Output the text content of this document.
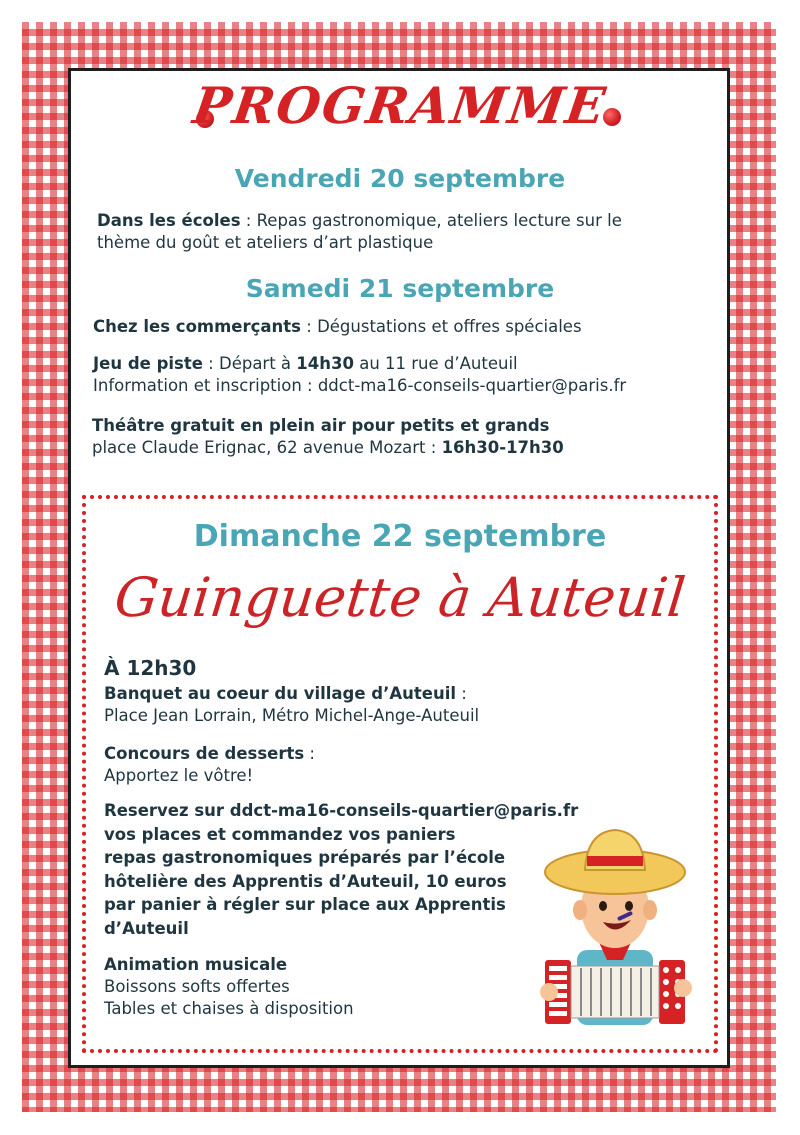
PROGRAMME
Vendredi 20 septembre
Dans les écoles : Repas gastronomique, ateliers lecture sur le
thème du goût et ateliers d’art plastique
Samedi 21 septembre
Chez les commerçants : Dégustations et offres spéciales
Jeu de piste : Départ à 14h30 au 11 rue d’Auteuil
Information et inscription : ddct-ma16-conseils-quartier@paris.fr
Théâtre gratuit en plein air pour petits et grands
place Claude Erignac, 62 avenue Mozart : 16h30-17h30
Dimanche 22 septembre
Guinguette à Auteuil
À 12h30
Banquet au coeur du village d’Auteuil :
Place Jean Lorrain, Métro Michel-Ange-Auteuil
Concours de desserts :
Apportez le vôtre!
Reservez sur ddct-ma16-conseils-quartier@paris.fr
vos places et commandez vos paniers
repas gastronomiques préparés par l’école
hôtelière des Apprentis d’Auteuil, 10 euros
par panier à régler sur place aux Apprentis
d’Auteuil
Animation musicale
Boissons softs offertes
Tables et chaises à disposition
